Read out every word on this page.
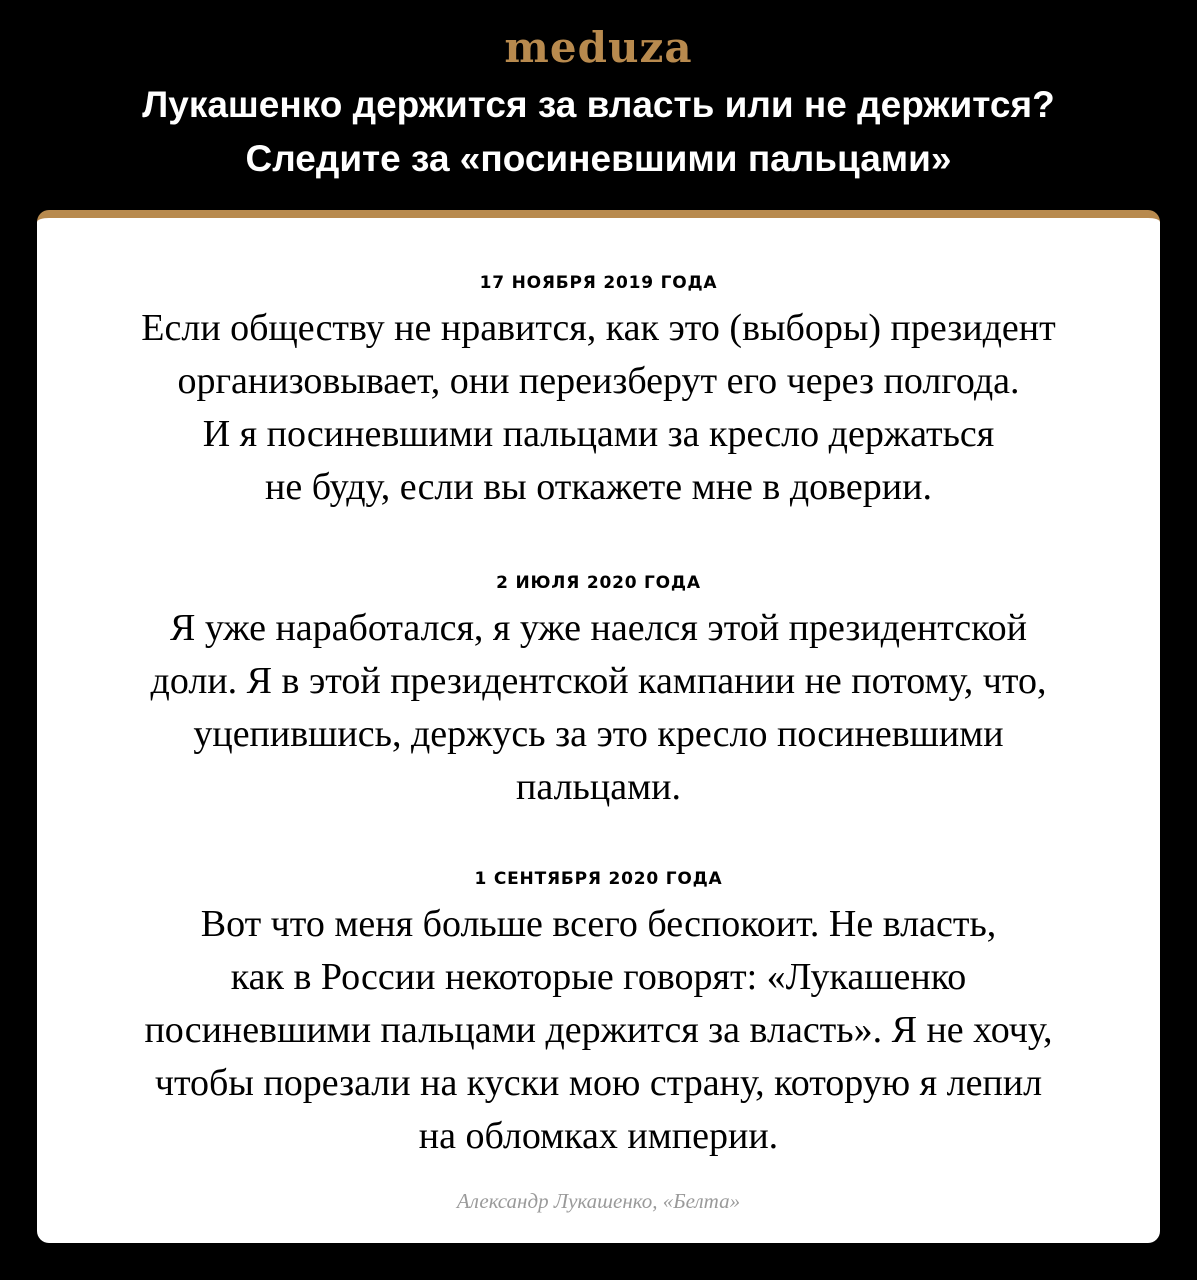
meduza
Лукашенко держится за власть или не держится?
Следите за «посиневшими пальцами»

17 НОЯБРЯ 2019 ГОДА

Если обществу не нравится, как это (выборы) президент
организовывает, они переизберут его через полгода.
И я посиневшими пальцами за кресло держаться
не буду, если вы откажете мне в доверии.

2 ИЮЛЯ 2020 ГОДА

Я уже наработался, я уже наелся этой президентской
доли. Я в этой президентской кампании не потому, что,
уцепившись, держусь за это кресло посиневшими
пальцами.

1 СЕНТЯБРЯ 2020 ГОДА

Вот что меня больше всего беспокоит. Не власть,
как в России некоторые говорят: «Лукашенко
посиневшими пальцами держится за власть». Я не хочу,
чтобы порезали на куски мою страну, которую я лепил
на обломках империи.

Александр Лукашенко, «Белта»
